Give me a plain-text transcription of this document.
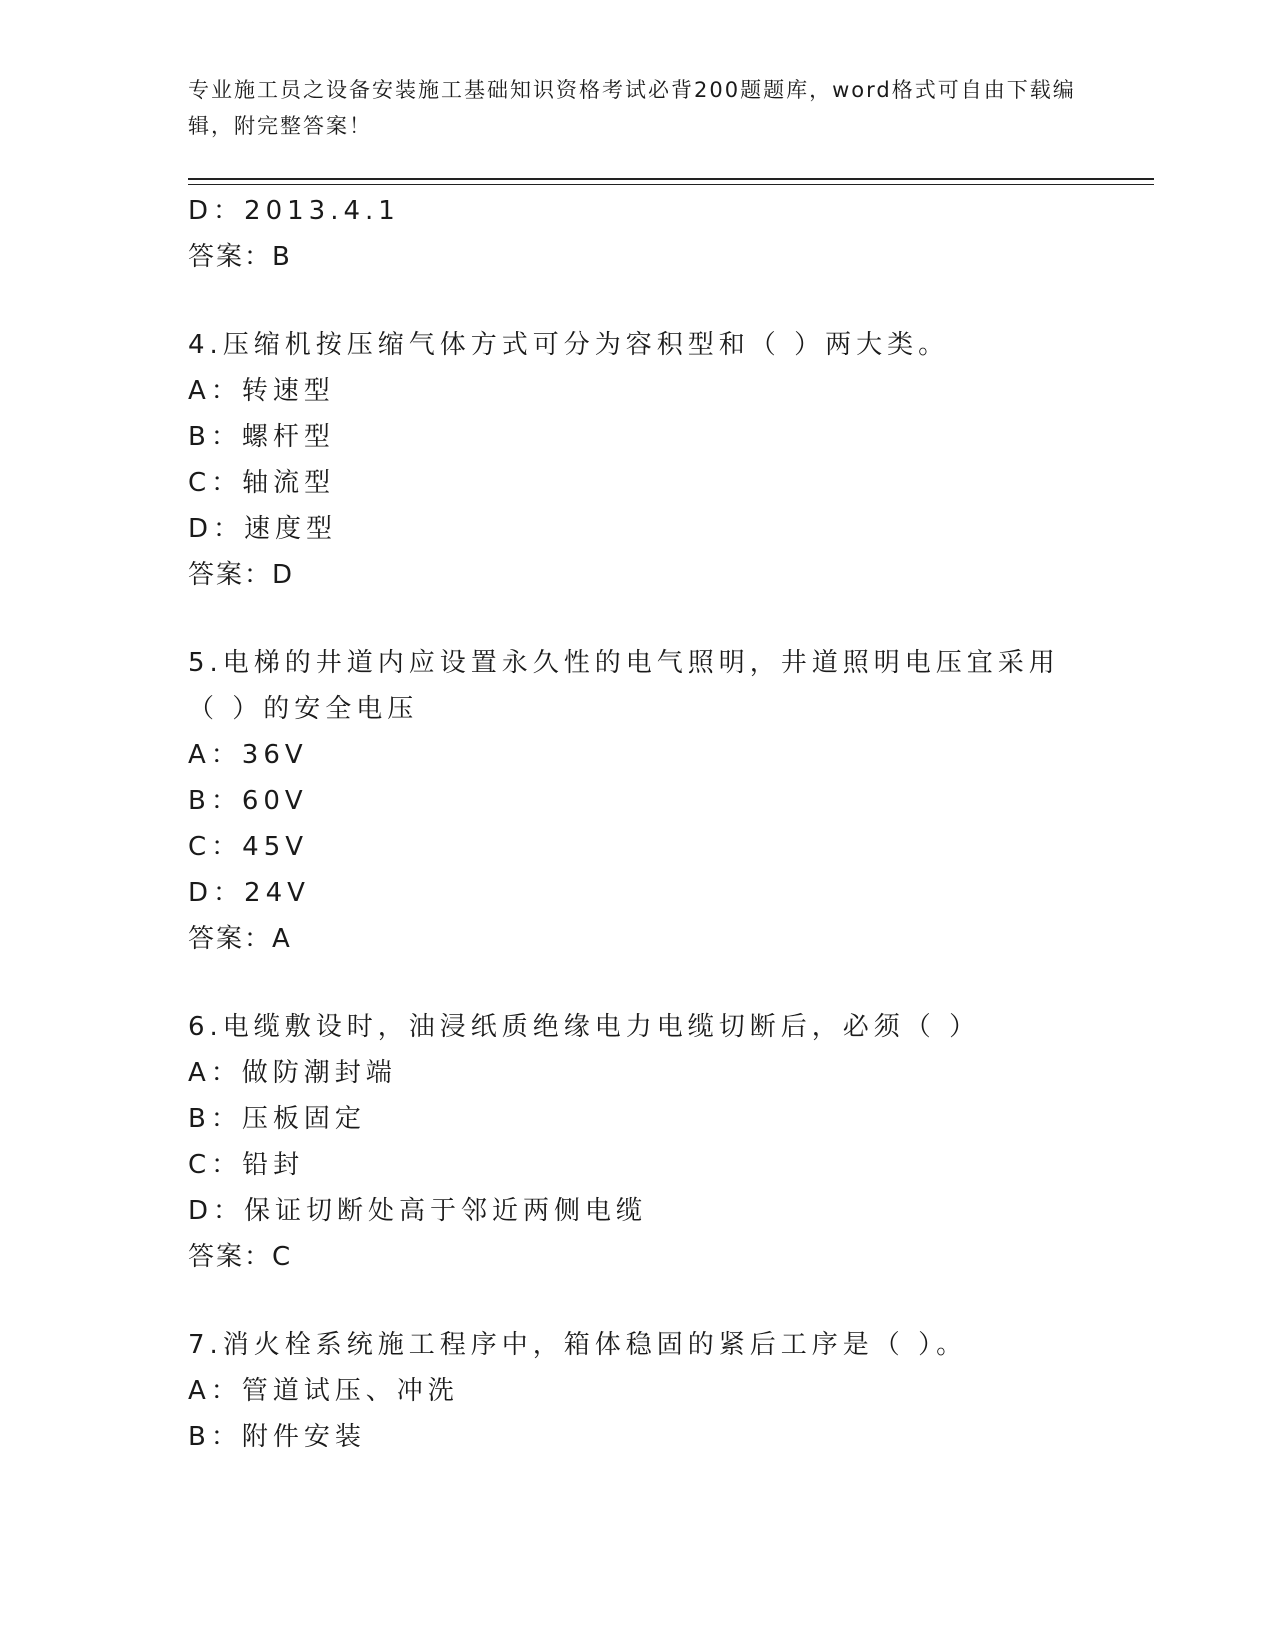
专业施工员之设备安装施工基础知识资格考试必背200题题库，word格式可自由下载编辑，附完整答案！
D：2013.4.1
答案：B
4.压缩机按压缩气体方式可分为容积型和（ ）两大类。
A：转速型
B：螺杆型
C：轴流型
D：速度型
答案：D
5.电梯的井道内应设置永久性的电气照明，井道照明电压宜采用（ ）的安全电压
A：36V
B：60V
C：45V
D：24V
答案：A
6.电缆敷设时，油浸纸质绝缘电力电缆切断后，必须（ ）
A：做防潮封端
B：压板固定
C：铅封
D：保证切断处高于邻近两侧电缆
答案：C
7.消火栓系统施工程序中，箱体稳固的紧后工序是（ ）。
A：管道试压、冲洗
B：附件安装
